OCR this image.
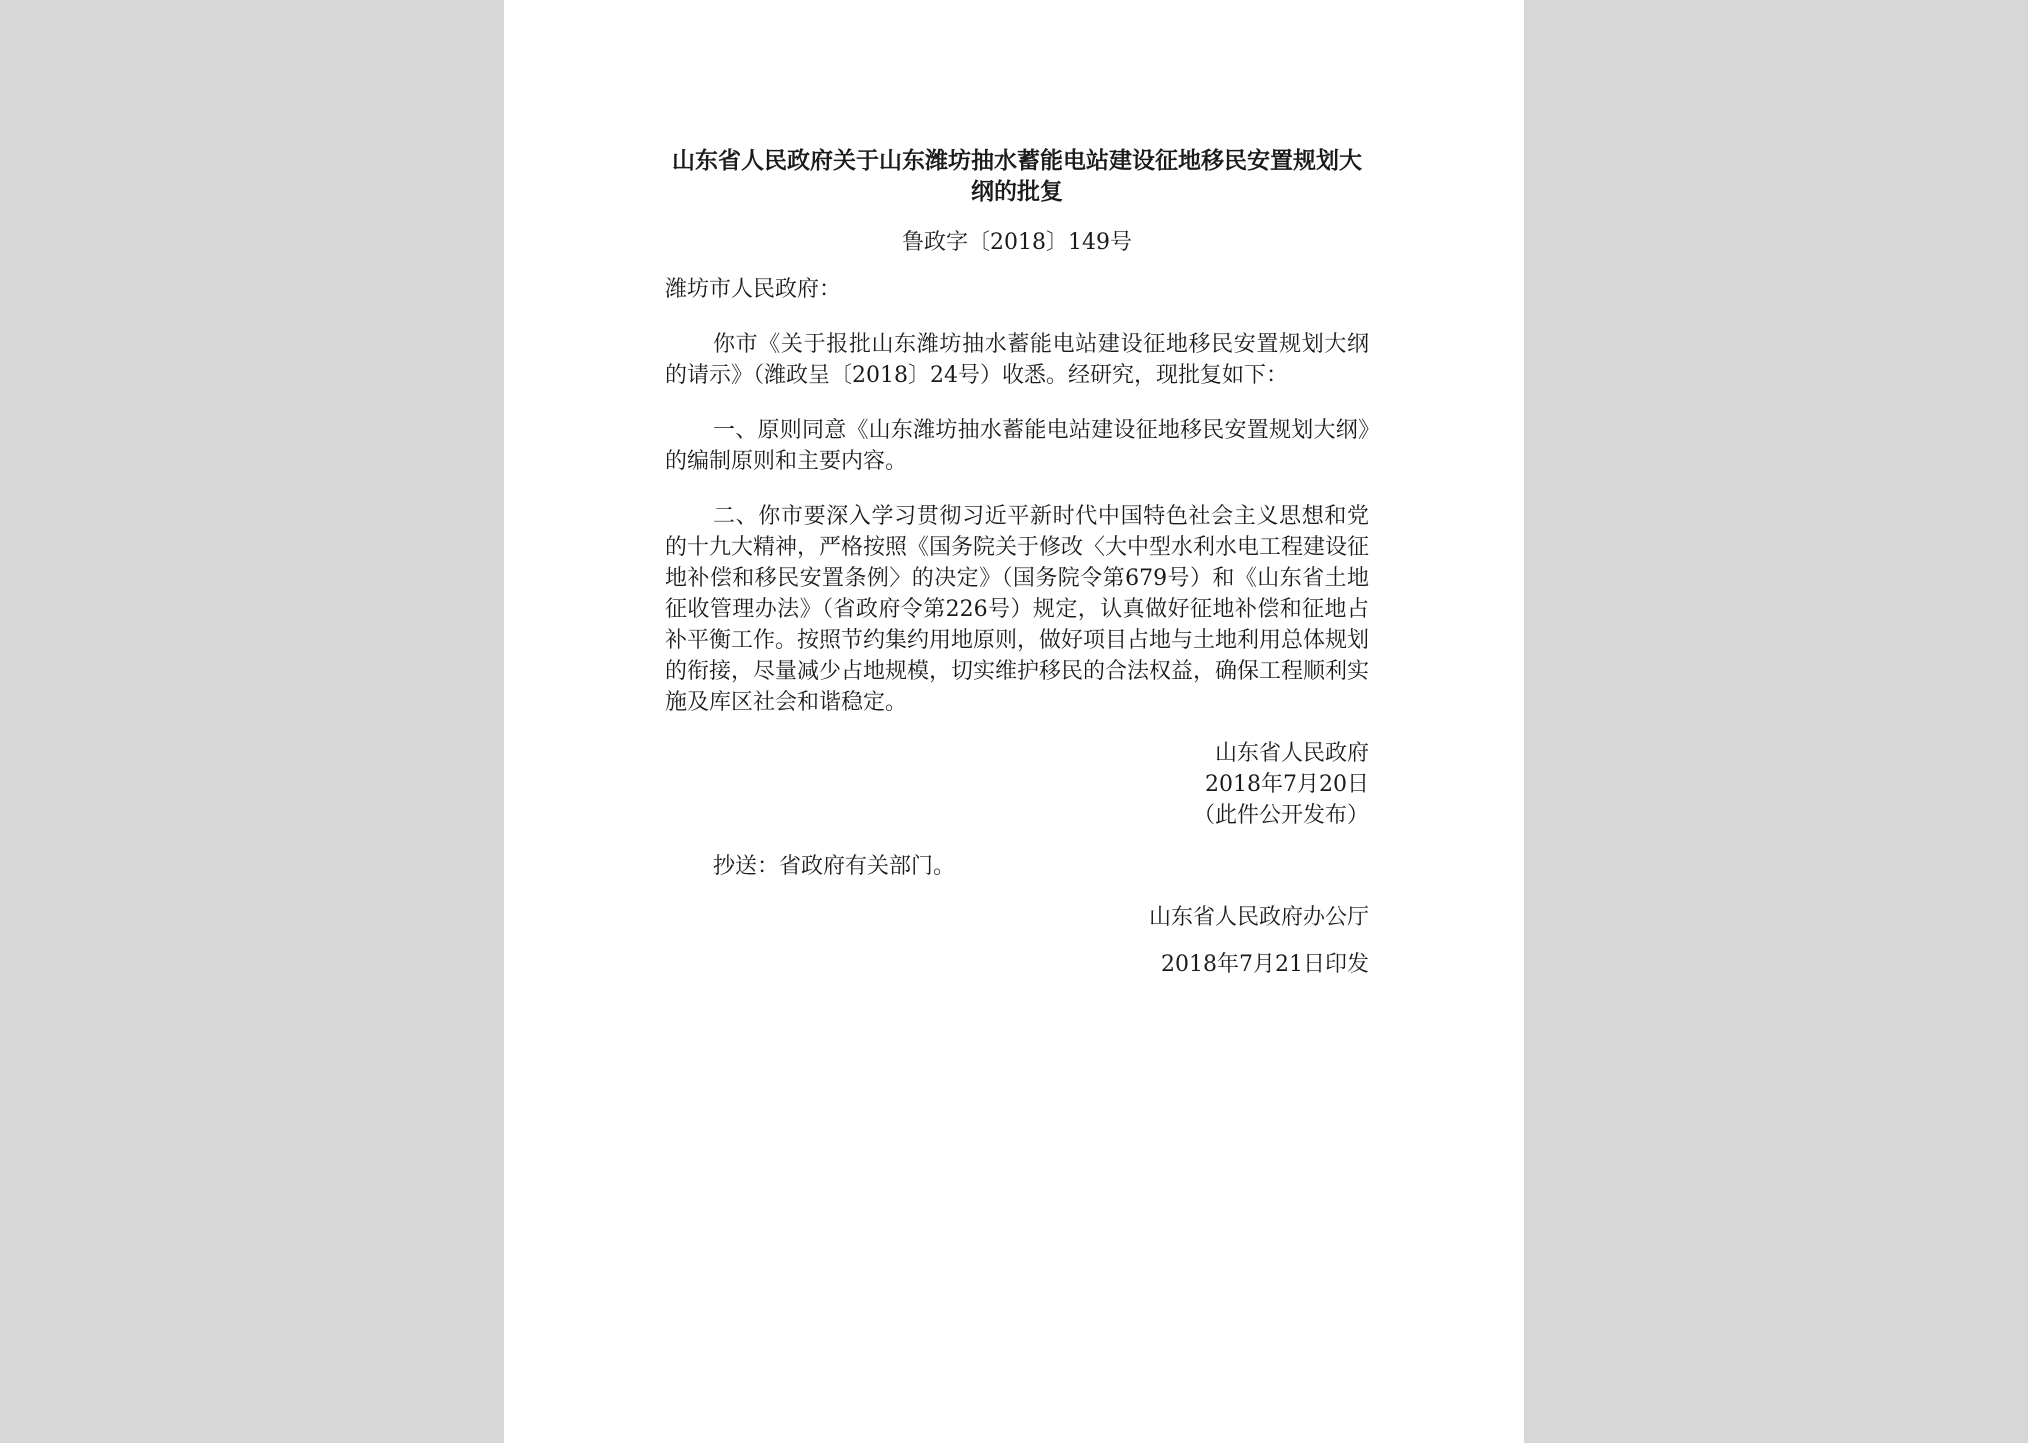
山东省人民政府关于山东潍坊抽水蓄能电站建设征地移民安置规划大纲的批复
鲁政字〔2018〕149号
潍坊市人民政府：
你市《关于报批山东潍坊抽水蓄能电站建设征地移民安置规划大纲的请示》（潍政呈〔2018〕24号）收悉。经研究，现批复如下：
一、原则同意《山东潍坊抽水蓄能电站建设征地移民安置规划大纲》的编制原则和主要内容。
二、你市要深入学习贯彻习近平新时代中国特色社会主义思想和党的十九大精神，严格按照《国务院关于修改〈大中型水利水电工程建设征地补偿和移民安置条例〉的决定》（国务院令第679号）和《山东省土地征收管理办法》（省政府令第226号）规定，认真做好征地补偿和征地占补平衡工作。按照节约集约用地原则，做好项目占地与土地利用总体规划的衔接，尽量减少占地规模，切实维护移民的合法权益，确保工程顺利实施及库区社会和谐稳定。
山东省人民政府
2018年7月20日
（此件公开发布）
抄送：省政府有关部门。
山东省人民政府办公厅
2018年7月21日印发
